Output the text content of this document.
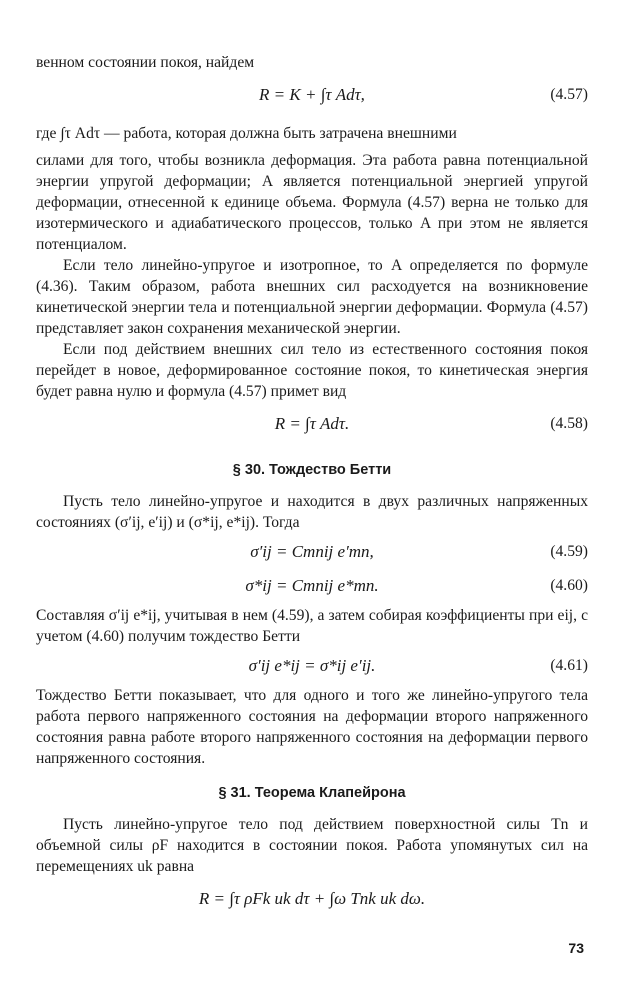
венном состоянии покоя, найдем

R = K + ∫τ Adτ,	(4.57)

где ∫τ Adτ — работа, которая должна быть затрачена внешними

силами для того, чтобы возникла деформация. Эта работа равна потенциальной энергии упругой деформации; A является потенциальной энергией упругой деформации, отнесенной к единице объема. Формула (4.57) верна не только для изотермического и адиабатического процессов, только A при этом не является потенциалом.

Если тело линейно-упругое и изотропное, то A определяется по формуле (4.36). Таким образом, работа внешних сил расходуется на возникновение кинетической энергии тела и потенциальной энергии деформации. Формула (4.57) представляет закон сохранения механической энергии.

Если под действием внешних сил тело из естественного состояния покоя перейдет в новое, деформированное состояние покоя, то кинетическая энергия будет равна нулю и формула (4.57) примет вид

R = ∫τ Adτ.	(4.58)
§ 30. Тождество Бетти

Пусть тело линейно-упругое и находится в двух различных напряженных состояниях (σ′ij, e′ij) и (σ*ij, e*ij). Тогда

σ′ij = Cmnij e′mn,	(4.59)
σ*ij = Cmnij e*mn.	(4.60)

Составляя σ′ij e*ij, учитывая в нем (4.59), а затем собирая коэффициенты при eij, с учетом (4.60) получим тождество Бетти

σ′ij e*ij = σ*ij e′ij.	(4.61)

Тождество Бетти показывает, что для одного и того же линейно-упругого тела работа первого напряженного состояния на деформации второго напряженного состояния равна работе второго напряженного состояния на деформации первого напряженного состояния.

§ 31. Теорема Клапейрона

Пусть линейно-упругое тело под действием поверхностной силы Tn и объемной силы ρF находится в состоянии покоя. Работа упомянутых сил на перемещениях uk равна

R = ∫τ ρFk uk dτ + ∫ω Tnk uk dω.
73
